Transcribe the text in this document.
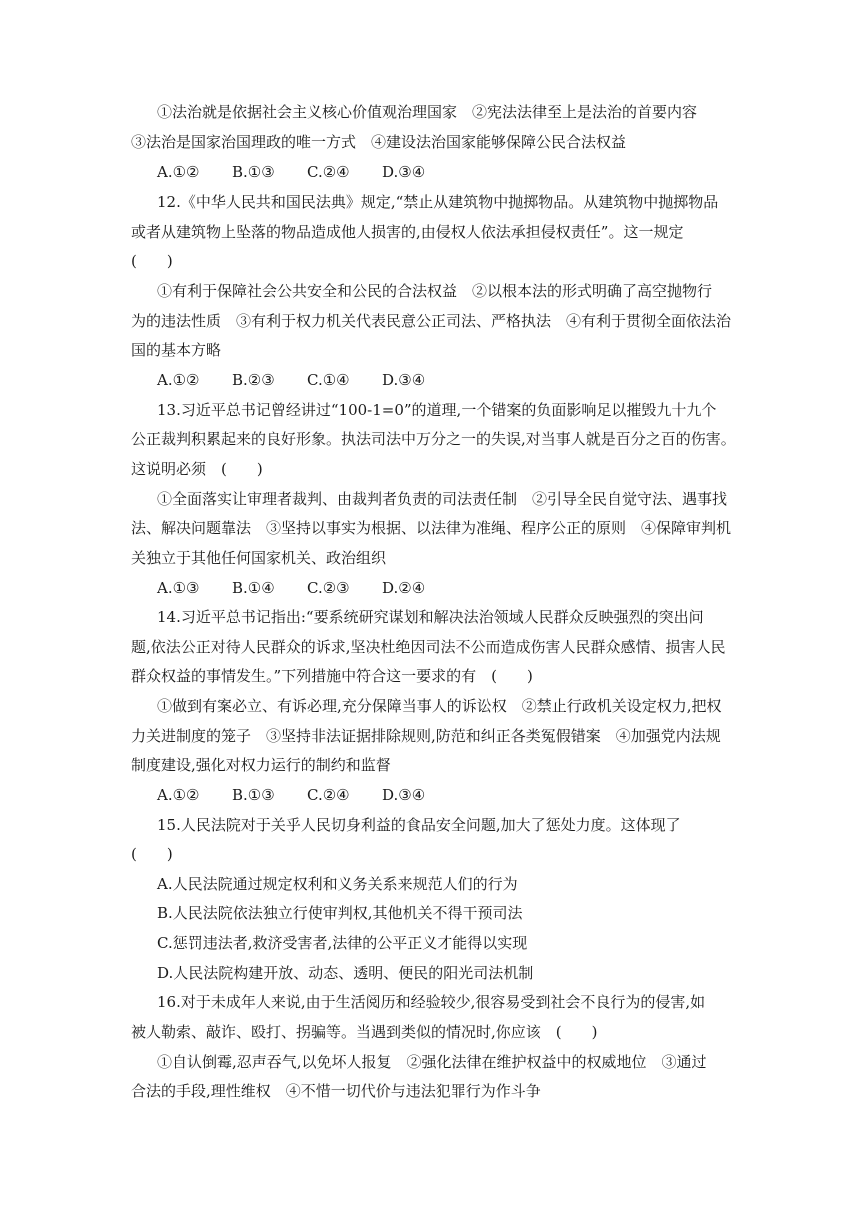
①法治就是依据社会主义核心价值观治理国家　②宪法法律至上是法治的首要内容
③法治是国家治国理政的唯一方式　④建设法治国家能够保障公民合法权益
A.①② B.①③ C.②④ D.③④
12.《中华人民共和国民法典》规定,“禁止从建筑物中抛掷物品。从建筑物中抛掷物品
或者从建筑物上坠落的物品造成他人损害的,由侵权人依法承担侵权责任”。这一规定
(　　)
①有利于保障社会公共安全和公民的合法权益　②以根本法的形式明确了高空抛物行
为的违法性质　③有利于权力机关代表民意公正司法、严格执法　④有利于贯彻全面依法治
国的基本方略
A.①② B.②③ C.①④ D.③④
13.习近平总书记曾经讲过“100-1=0”的道理,一个错案的负面影响足以摧毁九十九个
公正裁判积累起来的良好形象。执法司法中万分之一的失误,对当事人就是百分之百的伤害。
这说明必须　(　　)
①全面落实让审理者裁判、由裁判者负责的司法责任制　②引导全民自觉守法、遇事找
法、解决问题靠法　③坚持以事实为根据、以法律为准绳、程序公正的原则　④保障审判机
关独立于其他任何国家机关、政治组织
A.①③ B.①④ C.②③ D.②④
14.习近平总书记指出:“要系统研究谋划和解决法治领域人民群众反映强烈的突出问
题,依法公正对待人民群众的诉求,坚决杜绝因司法不公而造成伤害人民群众感情、损害人民
群众权益的事情发生。”下列措施中符合这一要求的有　(　　)
①做到有案必立、有诉必理,充分保障当事人的诉讼权　②禁止行政机关设定权力,把权
力关进制度的笼子　③坚持非法证据排除规则,防范和纠正各类冤假错案　④加强党内法规
制度建设,强化对权力运行的制约和监督
A.①② B.①③ C.②④ D.③④
15.人民法院对于关乎人民切身利益的食品安全问题,加大了惩处力度。这体现了
(　　)
A.人民法院通过规定权利和义务关系来规范人们的行为
B.人民法院依法独立行使审判权,其他机关不得干预司法
C.惩罚违法者,救济受害者,法律的公平正义才能得以实现
D.人民法院构建开放、动态、透明、便民的阳光司法机制
16.对于未成年人来说,由于生活阅历和经验较少,很容易受到社会不良行为的侵害,如
被人勒索、敲诈、殴打、拐骗等。当遇到类似的情况时,你应该　(　　)
①自认倒霉,忍声吞气,以免坏人报复　②强化法律在维护权益中的权威地位　③通过
合法的手段,理性维权　④不惜一切代价与违法犯罪行为作斗争
